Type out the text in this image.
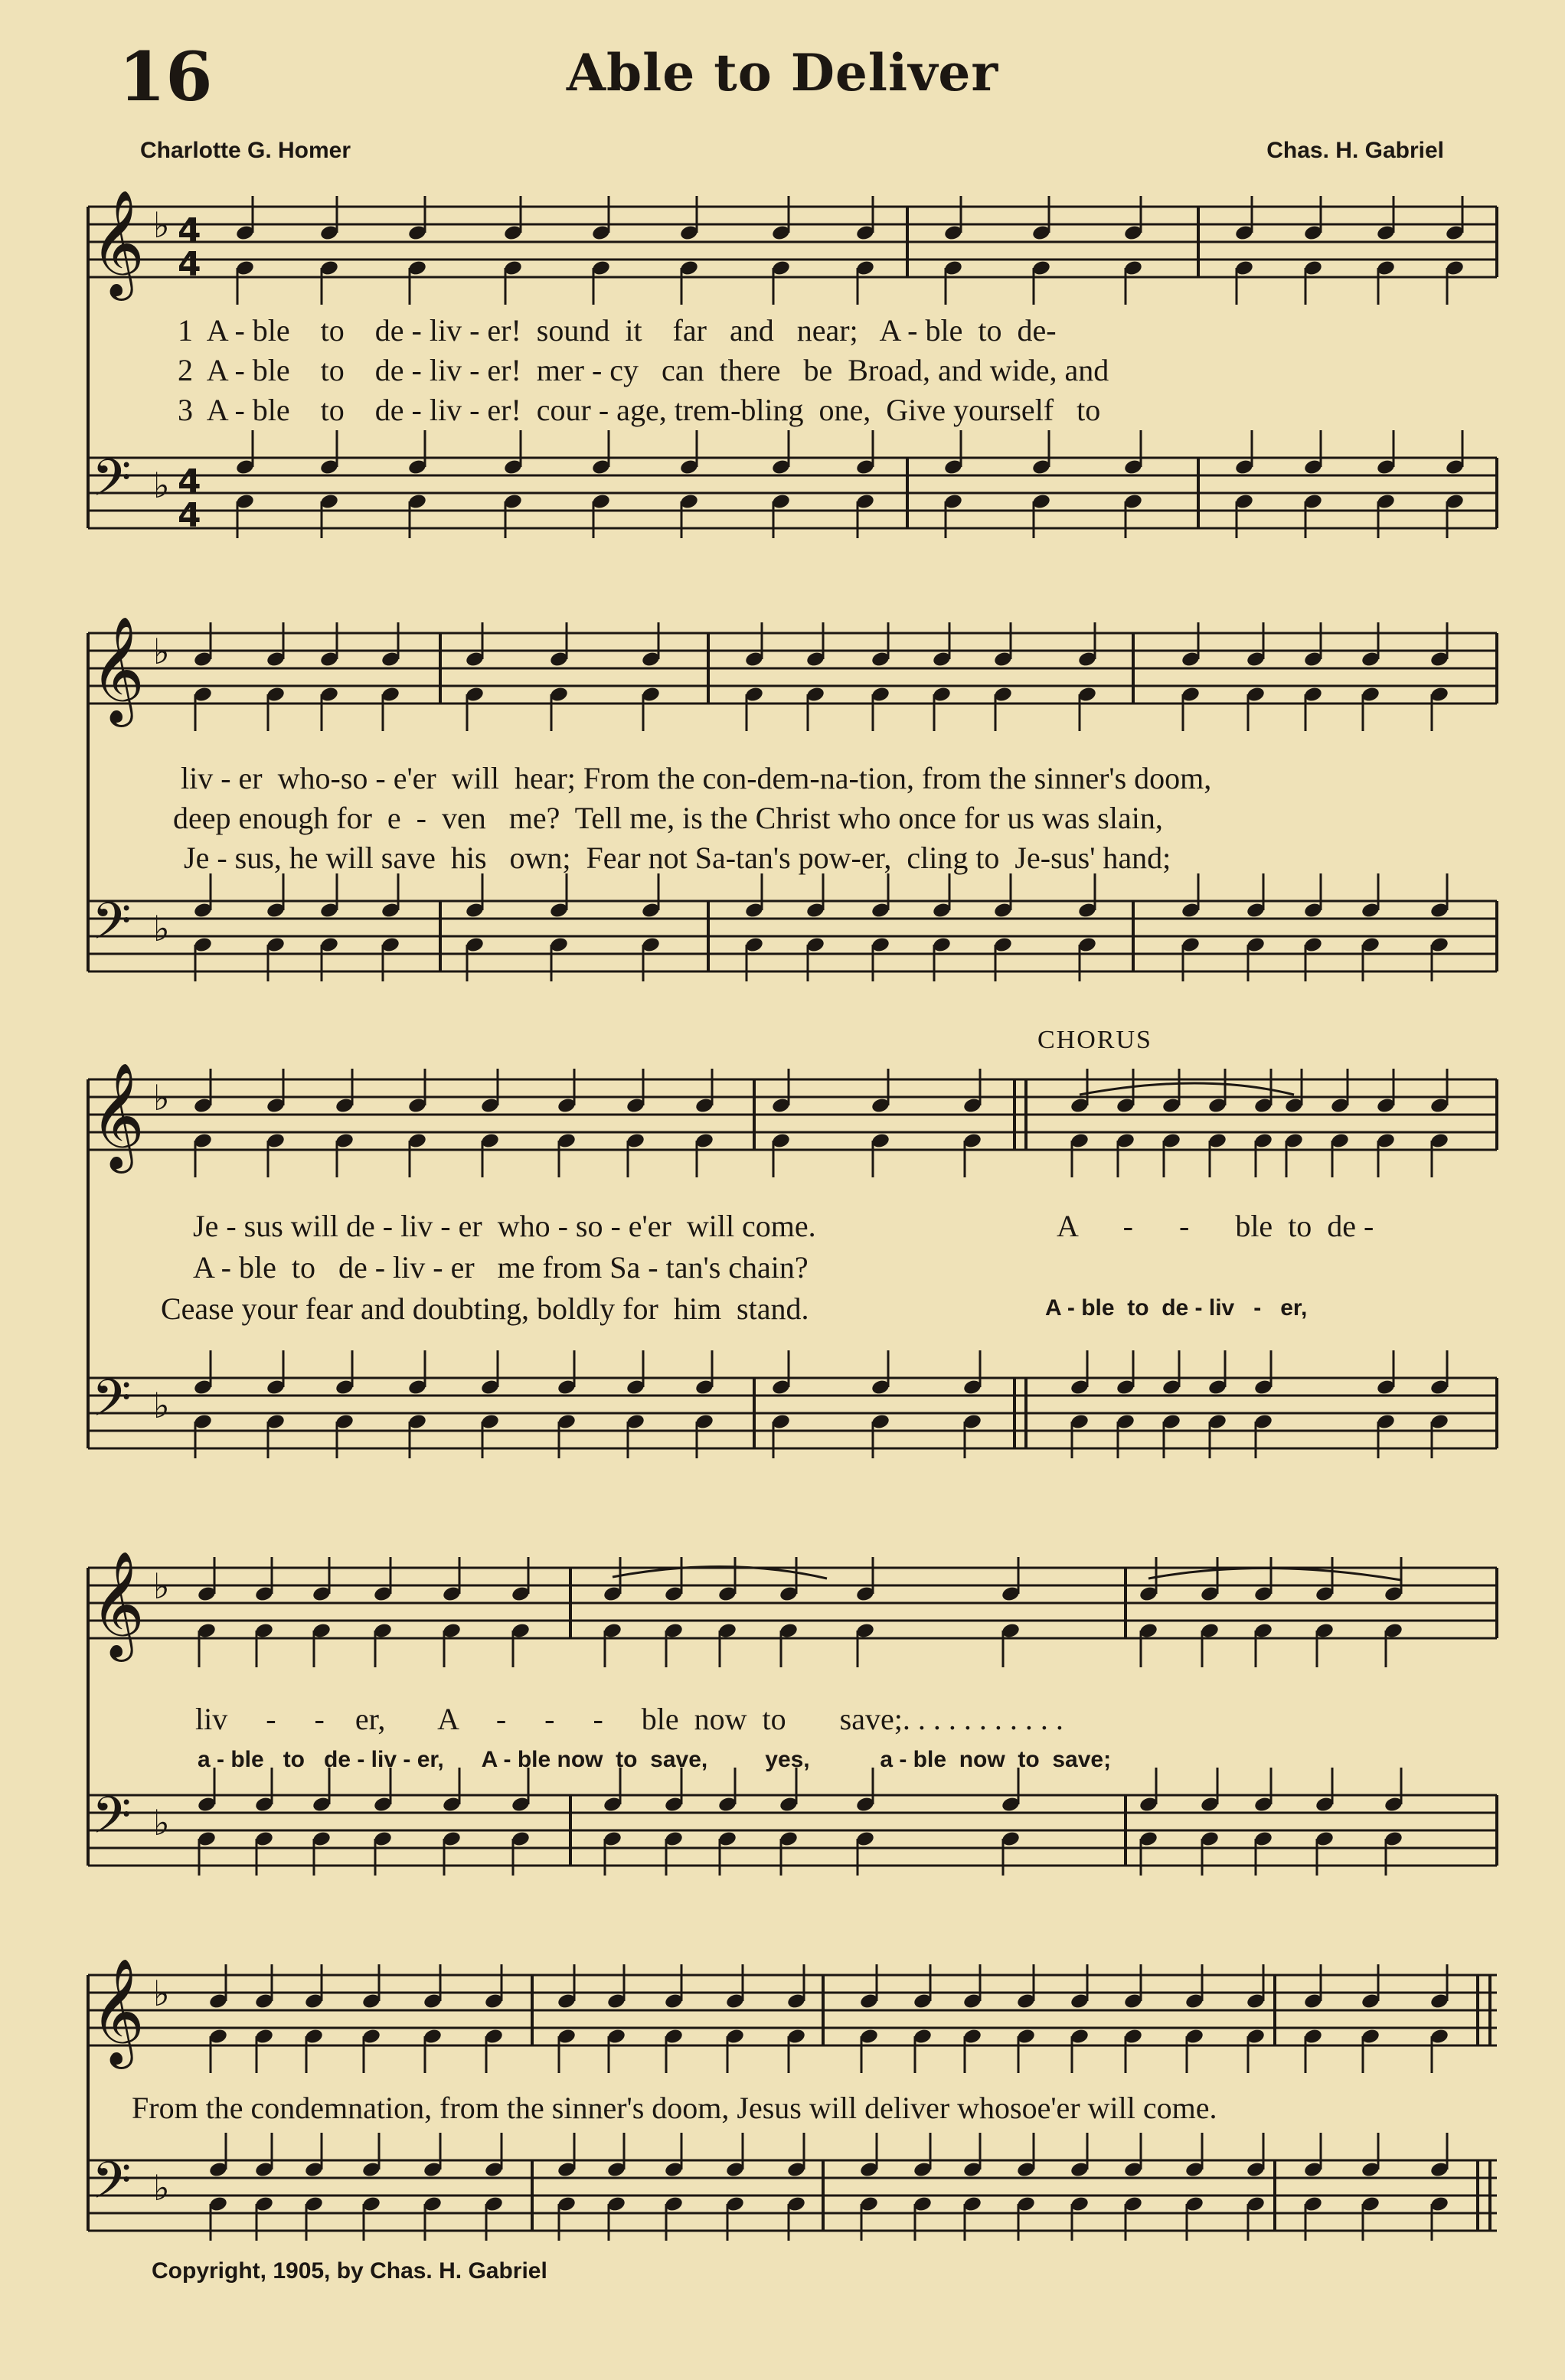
16	Able to Deliver
Charlotte G. Homer	Chas. H. Gabriel
𝄞 ♭ 4
4
𝄢 ♭ 4
4
1  A - ble    to    de - liv - er!  sound  it    far   and   near;   A - ble  to  de-
2  A - ble    to    de - liv - er!  mer - cy   can  there   be  Broad, and wide, and
3  A - ble    to    de - liv - er!  cour - age, trem-bling  one,  Give yourself   to
𝄞 ♭
𝄢 ♭
liv - er  who-so - e'er  will  hear; From the con-dem-na-tion, from the sinner's doom,
deep enough for  e  -  ven   me?  Tell me, is the Christ who once for us was slain,
Je - sus, he will save  his   own;  Fear not Sa-tan's pow-er,  cling to  Je-sus' hand;
CHORUS
𝄞 ♭
𝄢 ♭
Je - sus will de - liv - er  who - so - e'er  will come.
A - ble  to   de - liv - er   me from Sa - tan's chain?
Cease your fear and doubting, boldly for  him  stand.
A      -      -      ble  to  de -
A - ble  to  de - liv   -   er,
𝄞 ♭
𝄢 ♭
liv     -     -    er,       A     -     -     -     ble  now  to       save;. . . . . . . . . . .
a - ble   to   de - liv - er,      A - ble now  to  save,         yes,           a - ble  now  to  save;
𝄞 ♭
𝄢 ♭
From the condemnation, from the sinner's doom, Jesus will deliver whosoe'er will come.
Copyright, 1905, by Chas. H. Gabriel
